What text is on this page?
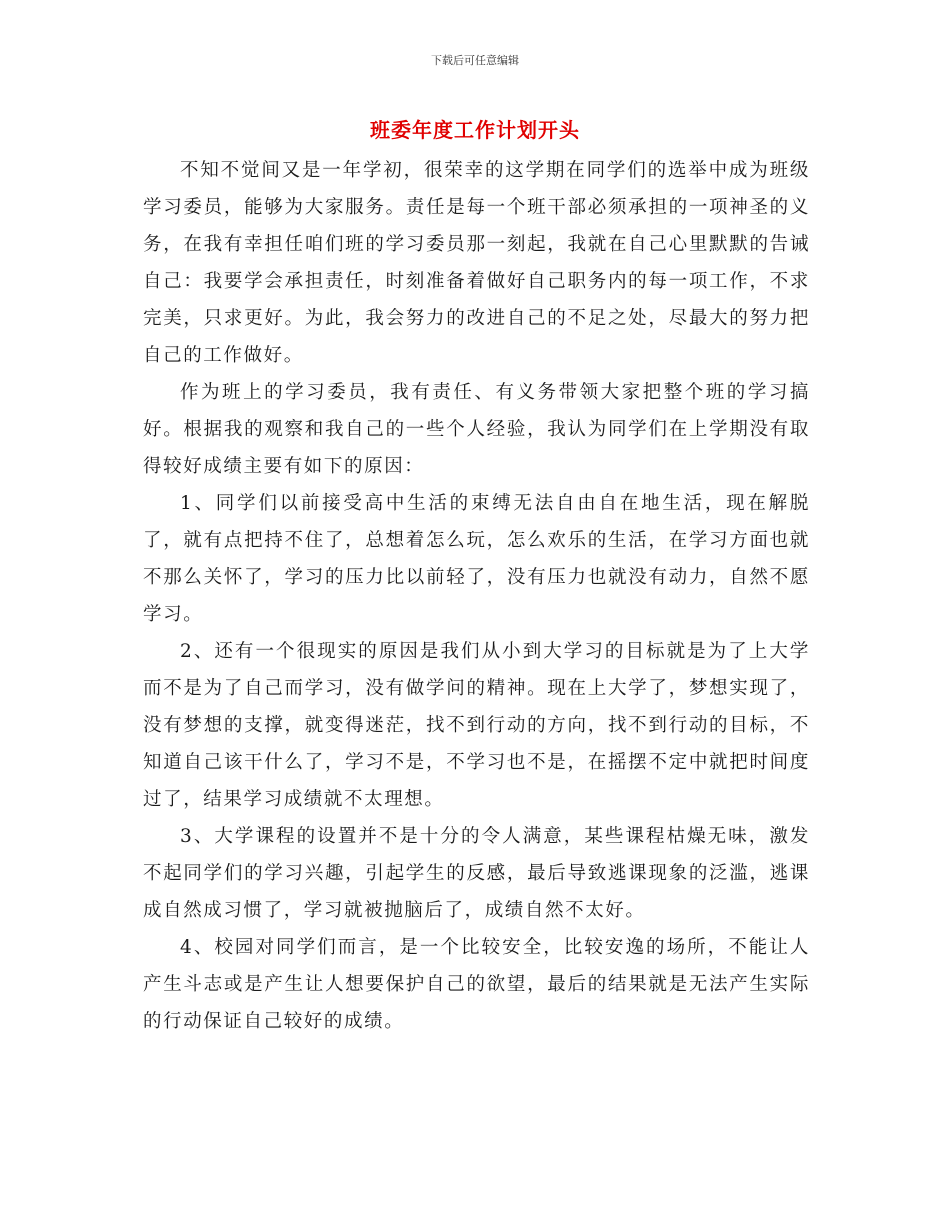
下载后可任意编辑
班委年度工作计划开头

不知不觉间又是一年学初，很荣幸的这学期在同学们的选举中成为班级学习委员，能够为大家服务。责任是每一个班干部必须承担的一项神圣的义务，在我有幸担任咱们班的学习委员那一刻起，我就在自己心里默默的告诫自己：我要学会承担责任，时刻准备着做好自己职务内的每一项工作，不求完美，只求更好。为此，我会努力的改进自己的不足之处，尽最大的努力把自己的工作做好。

作为班上的学习委员，我有责任、有义务带领大家把整个班的学习搞好。根据我的观察和我自己的一些个人经验，我认为同学们在上学期没有取得较好成绩主要有如下的原因：

1、同学们以前接受高中生活的束缚无法自由自在地生活，现在解脱了，就有点把持不住了，总想着怎么玩，怎么欢乐的生活，在学习方面也就不那么关怀了，学习的压力比以前轻了，没有压力也就没有动力，自然不愿学习。

2、还有一个很现实的原因是我们从小到大学习的目标就是为了上大学而不是为了自己而学习，没有做学问的精神。现在上大学了，梦想实现了，没有梦想的支撑，就变得迷茫，找不到行动的方向，找不到行动的目标，不知道自己该干什么了，学习不是，不学习也不是，在摇摆不定中就把时间度过了，结果学习成绩就不太理想。

3、大学课程的设置并不是十分的令人满意，某些课程枯燥无味，激发不起同学们的学习兴趣，引起学生的反感，最后导致逃课现象的泛滥，逃课成自然成习惯了，学习就被抛脑后了，成绩自然不太好。

4、校园对同学们而言，是一个比较安全，比较安逸的场所，不能让人产生斗志或是产生让人想要保护自己的欲望，最后的结果就是无法产生实际的行动保证自己较好的成绩。
